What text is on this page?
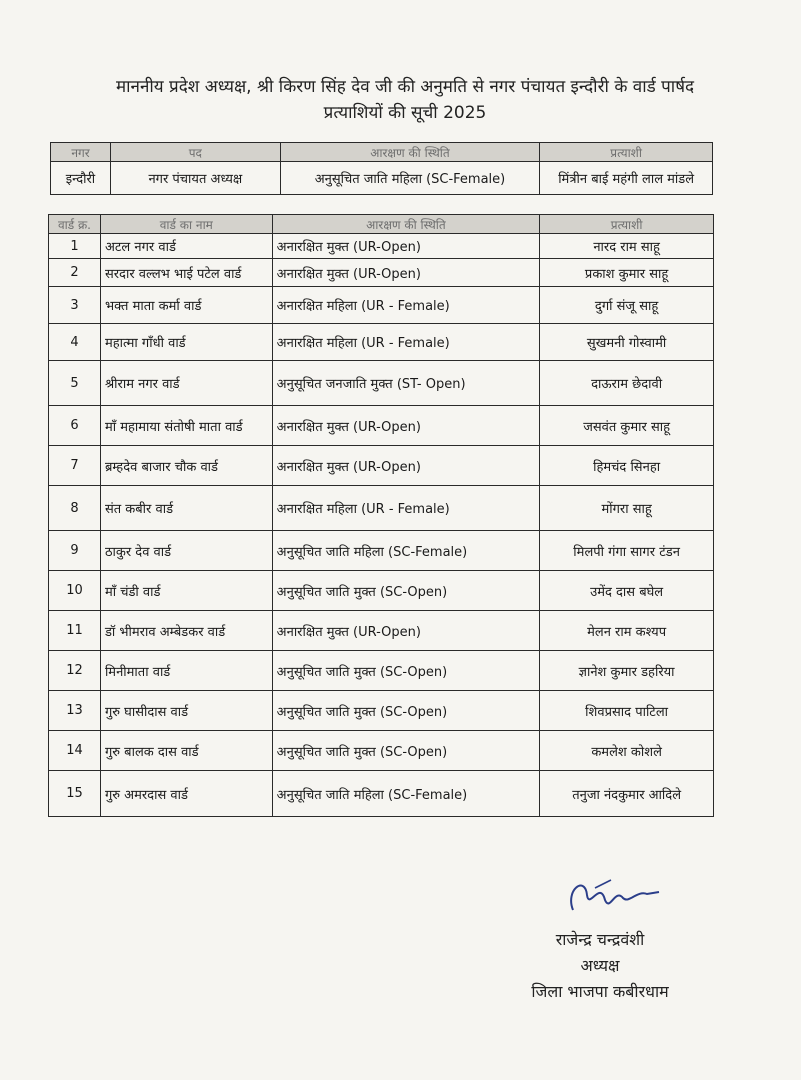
माननीय प्रदेश अध्यक्ष, श्री किरण सिंह देव जी की अनुमति से नगर पंचायत इन्दौरी के वार्ड पार्षद
प्रत्याशियों की सूची 2025
नगर	पद	आरक्षण की स्थिति	प्रत्याशी
इन्दौरी	नगर पंचायत अध्यक्ष	अनुसूचित जाति महिला (SC-Female)	मिंत्रीन बाई महंगी लाल मांडले
वार्ड क्र.	वार्ड का नाम	आरक्षण की स्थिति	प्रत्याशी
1	अटल नगर वार्ड	अनारक्षित मुक्त (UR-Open)	नारद राम साहू
2	सरदार वल्लभ भाई पटेल वार्ड	अनारक्षित मुक्त (UR-Open)	प्रकाश कुमार साहू
3	भक्त माता कर्मा वार्ड	अनारक्षित महिला (UR - Female)	दुर्गा संजू साहू
4	महात्मा गाँधी वार्ड	अनारक्षित महिला (UR - Female)	सुखमनी गोस्वामी
5	श्रीराम नगर वार्ड	अनुसूचित जनजाति मुक्त (ST- Open)	दाऊराम छेदावी
6	माँ महामाया संतोषी माता वार्ड	अनारक्षित मुक्त (UR-Open)	जसवंत कुमार साहू
7	ब्रम्हदेव बाजार चौक वार्ड	अनारक्षित मुक्त (UR-Open)	हिमचंद सिनहा
8	संत कबीर वार्ड	अनारक्षित महिला (UR - Female)	मोंगरा साहू
9	ठाकुर देव वार्ड	अनुसूचित जाति महिला (SC-Female)	मिलपी गंगा सागर टंडन
10	माँ चंडी वार्ड	अनुसूचित जाति मुक्त (SC-Open)	उमेंद दास बघेल
11	डॉ भीमराव अम्बेडकर वार्ड	अनारक्षित मुक्त (UR-Open)	मेलन राम कश्यप
12	मिनीमाता वार्ड	अनुसूचित जाति मुक्त (SC-Open)	ज्ञानेश कुमार डहरिया
13	गुरु घासीदास वार्ड	अनुसूचित जाति मुक्त (SC-Open)	शिवप्रसाद पाटिला
14	गुरु बालक दास वार्ड	अनुसूचित जाति मुक्त (SC-Open)	कमलेश कोशले
15	गुरु अमरदास वार्ड	अनुसूचित जाति महिला (SC-Female)	तनुजा नंदकुमार आदिले
राजेन्द्र चन्द्रवंशी
अध्यक्ष
जिला भाजपा कबीरधाम
